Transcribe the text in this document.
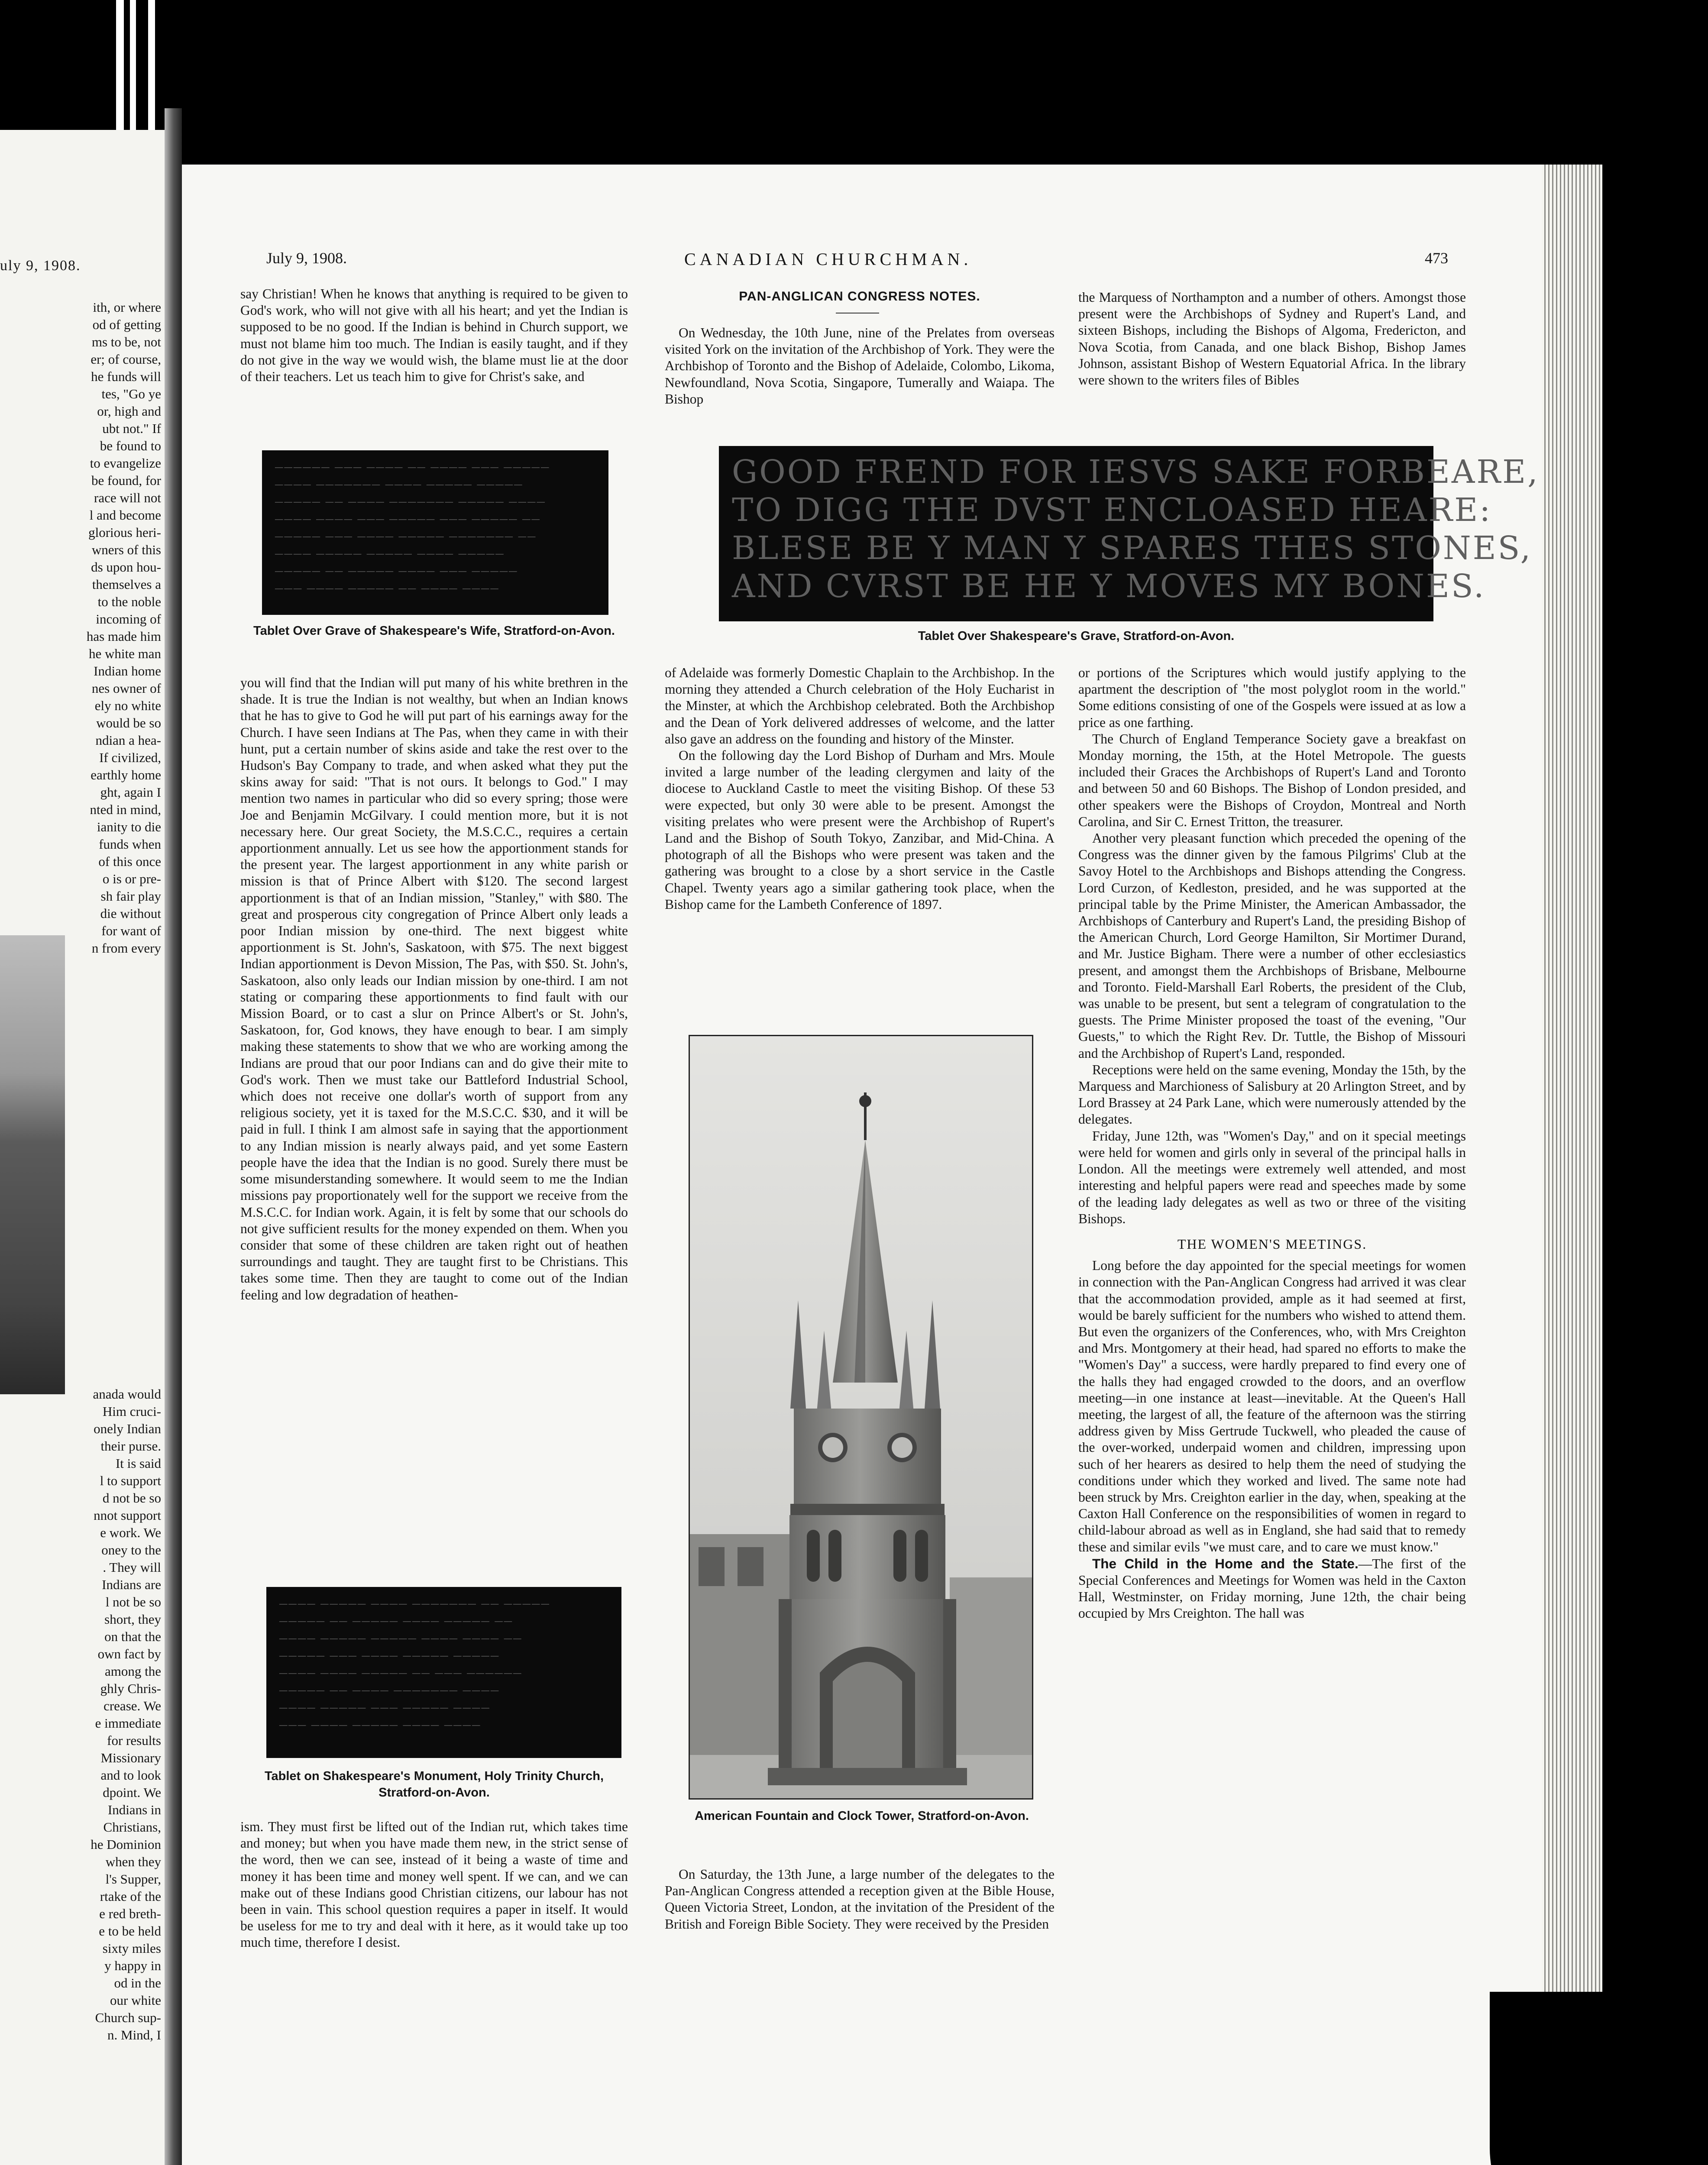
uly 9, 1908.
ith, or where
od of getting
ms to be, not
er; of course,
he funds will
tes, "Go ye
or, high and
ubt not." If
be found to
to evangelize
be found, for
race will not
l and become
glorious heri-
wners of this
ds upon hou-
themselves a
to the noble
incoming of
has made him
he white man
Indian home
nes owner of
ely no white
would be so
ndian a hea-
If civilized,
earthly home
ght, again I
nted in mind,
ianity to die
funds when
of this once
o is or pre-
sh fair play
die without
for want of
n from every
anada would
Him cruci-
onely Indian
their purse.
It is said
l to support
d not be so
nnot support
e work. We
oney to the
. They will
Indians are
l not be so
short, they
on that the
own fact by
among the
ghly Chris-
crease. We
e immediate
for results
Missionary
and to look
dpoint. We
Indians in
Christians,
he Dominion
when they
l's Supper,
rtake of the
e red breth-
e to be held
sixty miles
y happy in
od in the
our white
Church sup-
n. Mind, I
July 9, 1908.	CANADIAN CHURCHMAN.	473

say Christian! When he knows that anything is required to be given to God's work, who will not give with all his heart; and yet the Indian is supposed to be no good. If the Indian is behind in Church support, we must not blame him too much. The Indian is easily taught, and if they do not give in the way we would wish, the blame must lie at the door of their teachers. Let us teach him to give for Christ's sake, and

────── ─── ──── ── ──── ─── ─────
──── ─────── ──── ───── ─────
───── ── ──── ─────── ───── ────
──── ──── ─── ───── ─── ───── ──
───── ─── ──── ───── ─────── ──
──── ───── ───── ──── ─────
───── ── ───── ──── ─── ─────
─── ──── ───── ── ──── ────
Tablet Over Grave of Shakespeare's Wife, Stratford-on-Avon.

you will find that the Indian will put many of his white brethren in the shade. It is true the Indian is not wealthy, but when an Indian knows that he has to give to God he will put part of his earnings away for the Church. I have seen Indians at The Pas, when they came in with their hunt, put a certain number of skins aside and take the rest over to the Hudson's Bay Company to trade, and when asked what they put the skins away for said: "That is not ours. It belongs to God." I may mention two names in particular who did so every spring; those were Joe and Benjamin McGilvary. I could mention more, but it is not necessary here. Our great Society, the M.S.C.C., requires a certain apportionment annually. Let us see how the apportionment stands for the present year. The largest apportionment in any white parish or mission is that of Prince Albert with $120. The second largest apportionment is that of an Indian mission, "Stanley," with $80. The great and prosperous city congregation of Prince Albert only leads a poor Indian mission by one-third. The next biggest white apportionment is St. John's, Saskatoon, with $75. The next biggest Indian apportionment is Devon Mission, The Pas, with $50. St. John's, Saskatoon, also only leads our Indian mission by one-third. I am not stating or comparing these apportionments to find fault with our Mission Board, or to cast a slur on Prince Albert's or St. John's, Saskatoon, for, God knows, they have enough to bear. I am simply making these statements to show that we who are working among the Indians are proud that our poor Indians can and do give their mite to God's work. Then we must take our Battleford Industrial School, which does not receive one dollar's worth of support from any religious society, yet it is taxed for the M.S.C.C. $30, and it will be paid in full. I think I am almost safe in saying that the apportionment to any Indian mission is nearly always paid, and yet some Eastern people have the idea that the Indian is no good. Surely there must be some misunderstanding somewhere. It would seem to me the Indian missions pay proportionately well for the support we receive from the M.S.C.C. for Indian work. Again, it is felt by some that our schools do not give sufficient results for the money expended on them. When you consider that some of these children are taken right out of heathen surroundings and taught. They are taught first to be Christians. This takes some time. Then they are taught to come out of the Indian feeling and low degradation of heathen-

──── ───── ──── ─────── ── ─────
───── ── ───── ──── ───── ──
──── ───── ───── ──── ──── ──
───── ─── ──── ───── ─────
──── ──── ───── ── ─── ──────
───── ── ──── ─────── ────
──── ───── ─── ───── ────
─── ──── ───── ──── ────
Tablet on Shakespeare's Monument, Holy Trinity Church, Stratford-on-Avon.

ism. They must first be lifted out of the Indian rut, which takes time and money; but when you have made them new, in the strict sense of the word, then we can see, instead of it being a waste of time and money it has been time and money well spent. If we can, and we can make out of these Indians good Christian citizens, our labour has not been in vain. This school question requires a paper in itself. It would be useless for me to try and deal with it here, as it would take up too much time, therefore I desist.

PAN-ANGLICAN CONGRESS NOTES.

On Wednesday, the 10th June, nine of the Prelates from overseas visited York on the invitation of the Archbishop of York. They were the Archbishop of Toronto and the Bishop of Adelaide, Colombo, Likoma, Newfoundland, Nova Scotia, Singapore, Tumerally and Waiapa. The Bishop

GOOD FREND FOR IESVS SAKE FORBEARE,
TO DIGG THE DVST ENCLOASED HEARE:
BLESE BE Y MAN Y SPARES THES
AND CVRST BE HE Y MOVES MY BONES.
Tablet Over Shakespeare's Grave, Stratford-on-Avon.

of Adelaide was formerly Domestic Chaplain to the Archbishop. In the morning they attended a Church celebration of the Holy Eucharist in the Minster, at which the Archbishop celebrated. Both the Archbishop and the Dean of York delivered addresses of welcome, and the latter also gave an address on the founding and history of the Minster.

On the following day the Lord Bishop of Durham and Mrs. Moule invited a large number of the leading clergymen and laity of the diocese to Auckland Castle to meet the visiting Bishop. Of these 53 were expected, but only 30 were able to be present. Amongst the visiting prelates who were present were the Archbishop of Rupert's Land and the Bishop of South Tokyo, Zanzibar, and Mid-China. A photograph of all the Bishops who were present was taken and the gathering was brought to a close by a short service in the Castle Chapel. Twenty years ago a similar gathering took place, when the Bishop came for the Lambeth Conference of 1897.

American Fountain and Clock Tower, Stratford-on-Avon.

On Saturday, the 13th June, a large number of the delegates to the Pan-Anglican Congress attended a reception given at the Bible House, Queen Victoria Street, London, at the invitation of the President of the British and Foreign Bible Society. They were received by the Presiden

the Marquess of Northampton and a number of others. Amongst those present were the Archbishops of Sydney and Rupert's Land, and sixteen Bishops, including the Bishops of Algoma, Fredericton, and Nova Scotia, from Canada, and one black Bishop, Bishop James Johnson, assistant Bishop of Western Equatorial Africa. In the library were shown to the writers files of Bibles

or portions of the Scriptures which would justify applying to the apartment the description of "the most polyglot room in the world." Some editions consisting of one of the Gospels were issued at as low a price as one farthing.

The Church of England Temperance Society gave a breakfast on Monday morning, the 15th, at the Hotel Metropole. The guests included their Graces the Archbishops of Rupert's Land and Toronto and between 50 and 60 Bishops. The Bishop of London presided, and other speakers were the Bishops of Croydon, Montreal and North Carolina, and Sir C. Ernest Tritton, the treasurer.

Another very pleasant function which preceded the opening of the Congress was the dinner given by the famous Pilgrims' Club at the Savoy Hotel to the Archbishops and Bishops attending the Congress. Lord Curzon, of Kedleston, presided, and he was supported at the principal table by the Prime Minister, the American Ambassador, the Archbishops of Canterbury and Rupert's Land, the presiding Bishop of the American Church, Lord George Hamilton, Sir Mortimer Durand, and Mr. Justice Bigham. There were a number of other ecclesiastics present, and amongst them the Archbishops of Brisbane, Melbourne and Toronto. Field-Marshall Earl Roberts, the president of the Club, was unable to be present, but sent a telegram of congratulation to the guests. The Prime Minister proposed the toast of the evening, "Our Guests," to which the Right Rev. Dr. Tuttle, the Bishop of Missouri and the Archbishop of Rupert's Land, responded.

Receptions were held on the same evening, Monday the 15th, by the Marquess and Marchioness of Salisbury at 20 Arlington Street, and by Lord Brassey at 24 Park Lane, which were numerously attended by the delegates.

Friday, June 12th, was "Women's Day," and on it special meetings were held for women and girls only in several of the principal halls in London. All the meetings were extremely well attended, and most interesting and helpful papers were read and speeches made by some of the leading lady delegates as well as two or three of the visiting Bishops.

THE WOMEN'S MEETINGS.

Long before the day appointed for the special meetings for women in connection with the Pan-Anglican Congress had arrived it was clear that the accommodation provided, ample as it had seemed at first, would be barely sufficient for the numbers who wished to attend them. But even the organizers of the Conferences, who, with Mrs Creighton and Mrs. Montgomery at their head, had spared no efforts to make the "Women's Day" a success, were hardly prepared to find every one of the halls they had engaged crowded to the doors, and an overflow meeting—in one instance at least—inevitable. At the Queen's Hall meeting, the largest of all, the feature of the afternoon was the stirring address given by Miss Gertrude Tuckwell, who pleaded the cause of the over-worked, underpaid women and children, impressing upon such of her hearers as desired to help them the need of studying the conditions under which they worked and lived. The same note had been struck by Mrs. Creighton earlier in the day, when, speaking at the Caxton Hall Conference on the responsibilities of women in regard to child-labour abroad as well as in England, she had said that to remedy these and similar evils "we must care, and to care we must know."

The Child in the Home and the State.—The first of the Special Conferences and Meetings for Women was held in the Caxton Hall, Westminster, on Friday morning, June 12th, the chair being occupied by Mrs Creighton. The hall was
